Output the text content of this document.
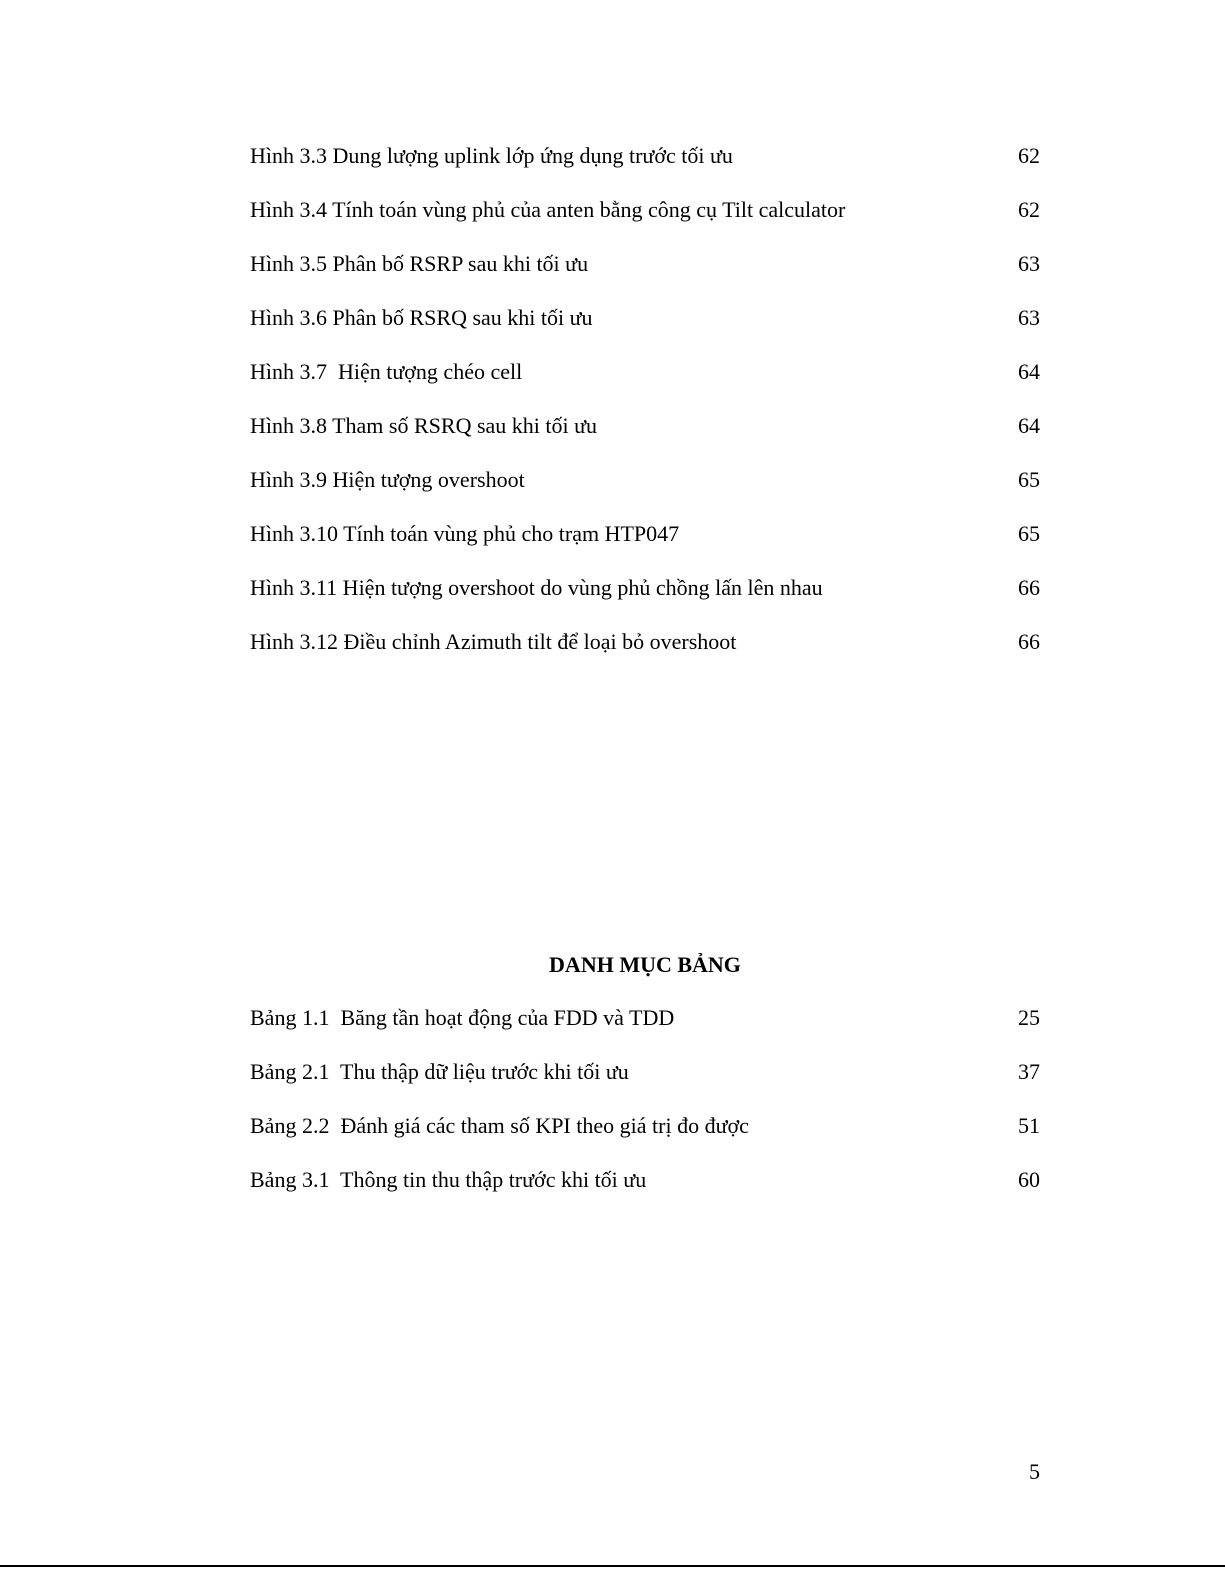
Hình 3.3 Dung lượng uplink lớp ứng dụng trước tối ưu	62
Hình 3.4 Tính toán vùng phủ của anten bằng công cụ Tilt calculator	62
Hình 3.5 Phân bố RSRP sau khi tối ưu	63
Hình 3.6 Phân bố RSRQ sau khi tối ưu	63
Hình 3.7  Hiện tượng chéo cell	64
Hình 3.8 Tham số RSRQ sau khi tối ưu	64
Hình 3.9 Hiện tượng overshoot	65
Hình 3.10 Tính toán vùng phủ cho trạm HTP047	65
Hình 3.11 Hiện tượng overshoot do vùng phủ chồng lấn lên nhau	66
Hình 3.12 Điều chỉnh Azimuth tilt để loại bỏ overshoot	66
DANH MỤC BẢNG
Bảng 1.1  Băng tần hoạt động của FDD và TDD	25
Bảng 2.1  Thu thập dữ liệu trước khi tối ưu	37
Bảng 2.2  Đánh giá các tham số KPI theo giá trị đo được	51
Bảng 3.1  Thông tin thu thập trước khi tối ưu	60
5
